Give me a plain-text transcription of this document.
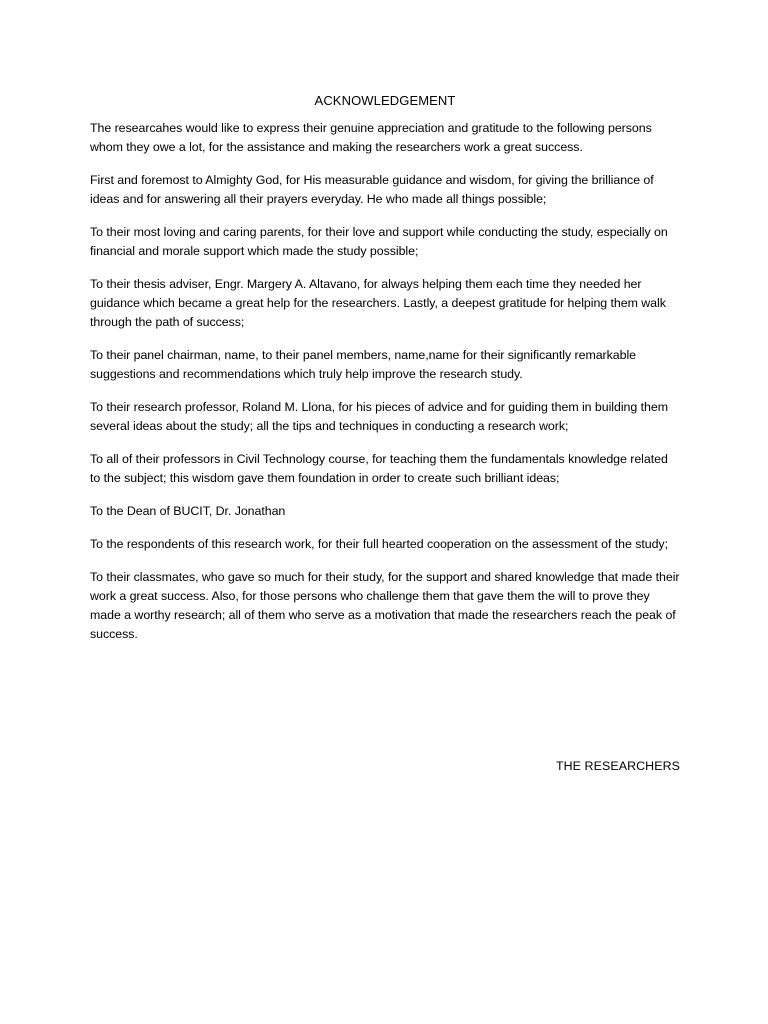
ACKNOWLEDGEMENT

The researcahes would like to express their genuine appreciation and gratitude to the following persons whom they owe a lot, for the assistance and making the researchers work a great success.

First and foremost to Almighty God, for His measurable guidance and wisdom, for giving the brilliance of ideas and for answering all their prayers everyday. He who made all things possible;

To their most loving and caring parents, for their love and support while conducting the study, especially on financial and morale support which made the study possible;

To their thesis adviser, Engr. Margery A. Altavano, for always helping them each time they needed her guidance which became a great help for the researchers. Lastly, a deepest gratitude for helping them walk through the path of success;

To their panel chairman, name, to their panel members, name,name for their significantly remarkable suggestions and recommendations which truly help improve the research study.

To their research professor, Roland M. Llona, for his pieces of advice and for guiding them in building them several ideas about the study; all the tips and techniques in conducting a research work;

To all of their professors in Civil Technology course, for teaching them the fundamentals knowledge related to the subject; this wisdom gave them foundation in order to create such brilliant ideas;

To the Dean of BUCIT, Dr. Jonathan

To the respondents of this research work, for their full hearted cooperation on the assessment of the study;

To their classmates, who gave so much for their study, for the support and shared knowledge that made their work a great success. Also, for those persons who challenge them that gave them the will to prove they made a worthy research; all of them who serve as a motivation that made the researchers reach the peak of success.

THE RESEARCHERS
